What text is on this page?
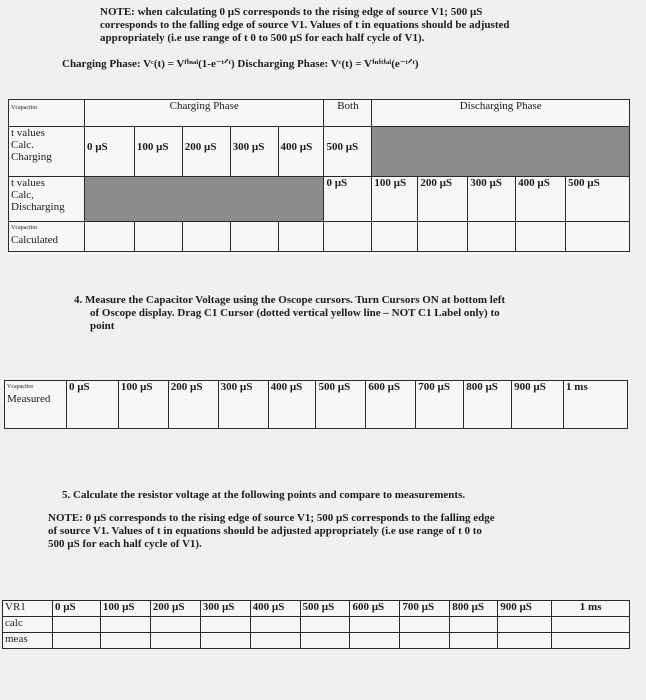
NOTE: when calculating 0 µS corresponds to the rising edge of source V1; 500 µS
corresponds to the falling edge of source V1. Values of t in equations should be adjusted
appropriately (i.e use range of t 0 to 500 µS for each half cycle of V1).
Charging Phase: Vᶜ(t) = Vᶠⁱⁿᵃˡ(1-e⁻ᵗᐟᵗ) Discharging Phase: Vᶜ(t) = Vⁱⁿⁱᵗⁱᵃˡ(e⁻ᵗᐟᵗ)
Vcapacitor	Charging Phase					Both	Discharging Phase				

t values
Calc.
Charging	0 µS	100 µS	200 µS	300 µS	400 µS	500 µS					

t values
Calc,
Discharging						0 µS	100 µS	200 µS	300 µS	400 µS	500 µS

Vcapacitor
Calculated											

4. Measure the Capacitor Voltage using the Oscope cursors. Turn Cursors ON at bottom left
of Oscope display. Drag C1 Cursor (dotted vertical yellow line – NOT C1 Label only) to
point
Vcapacitor
Measured
	0 µS	100 µS	200 µS	300 µS	400 µS	500 µS	600 µS	700 µS	800 µS	900 µS	1 ms
5. Calculate the resistor voltage at the following points and compare to measurements.
NOTE: 0 µS corresponds to the rising edge of source V1; 500 µS corresponds to the falling edge
of source V1. Values of t in equations should be adjusted appropriately (i.e use range of t 0 to
500 µS for each half cycle of V1).
VR1	0 µS	100 µS	200 µS	300 µS	400 µS	500 µS	600 µS	700 µS	800 µS	900 µS	1 ms
calc											
meas											
